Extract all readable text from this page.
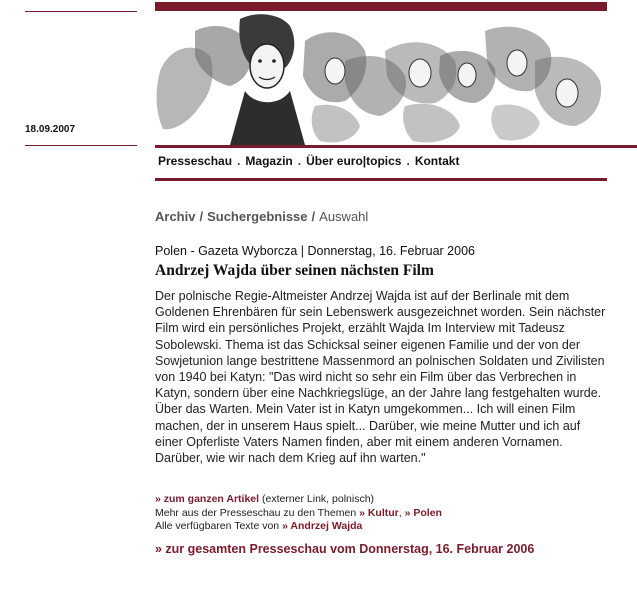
18.09.2007
Presseschau . Magazin . Über euro|topics . Kontakt
Archiv / Suchergebnisse / Auswahl
Polen - Gazeta Wyborcza | Donnerstag, 16. Februar 2006
Andrzej Wajda über seinen nächsten Film

Der polnische Regie-Altmeister Andrzej Wajda ist auf der Berlinale mit dem Goldenen Ehrenbären für sein Lebenswerk ausgezeichnet worden. Sein nächster Film wird ein persönliches Projekt, erzählt Wajda Im Interview mit Tadeusz Sobolewski. Thema ist das Schicksal seiner eigenen Familie und der von der Sowjetunion lange bestrittene Massenmord an polnischen Soldaten und Zivilisten von 1940 bei Katyn: "Das wird nicht so sehr ein Film über das Verbrechen in Katyn, sondern über eine Nachkriegslüge, an der Jahre lang festgehalten wurde. Über das Warten. Mein Vater ist in Katyn umgekommen... Ich will einen Film machen, der in unserem Haus spielt... Darüber, wie meine Mutter und ich auf einer Opferliste Vaters Namen finden, aber mit einem anderen Vornamen. Darüber, wie wir nach dem Krieg auf ihn warten."

» zum ganzen Artikel (externer Link, polnisch)
Mehr aus der Presseschau zu den Themen » Kultur, » Polen
Alle verfügbaren Texte von » Andrzej Wajda
» zur gesamten Presseschau vom Donnerstag, 16. Februar 2006
